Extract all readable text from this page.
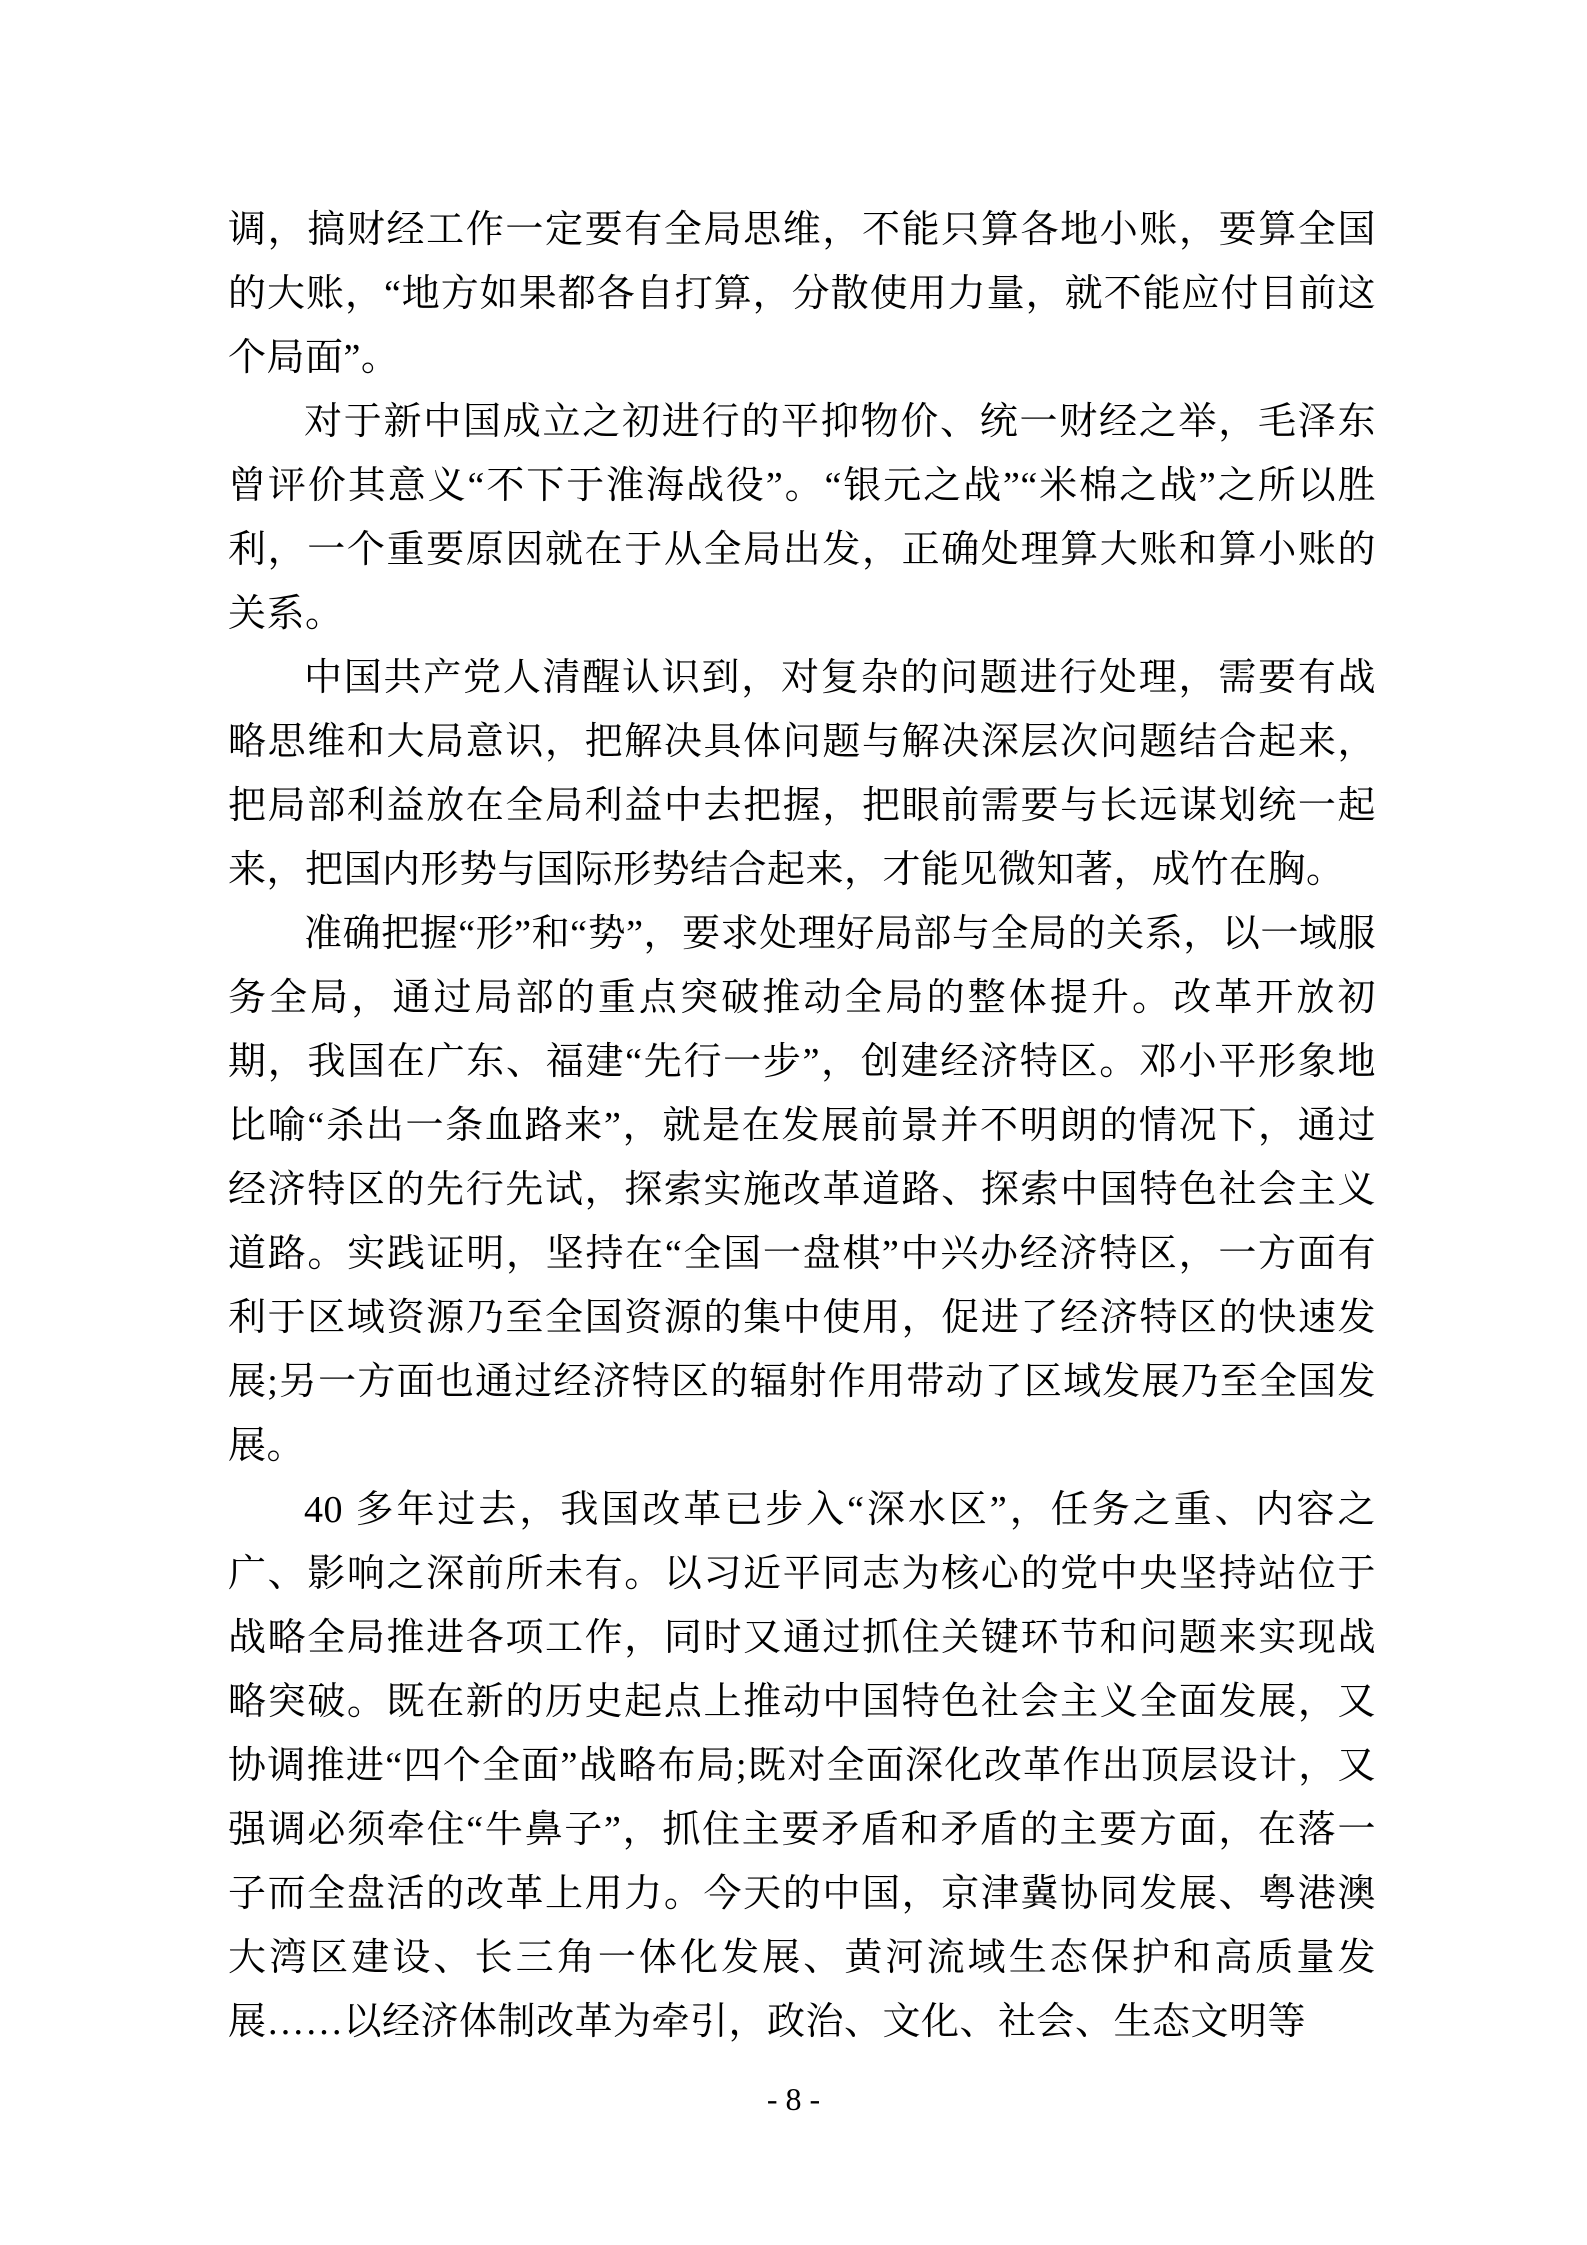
调，搞财经工作一定要有全局思维，不能只算各地小账，要算全国的大账，“地方如果都各自打算，分散使用力量，就不能应付目前这个局面”。

对于新中国成立之初进行的平抑物价、统一财经之举，毛泽东曾评价其意义“不下于淮海战役”。“银元之战”“米棉之战”之所以胜利，一个重要原因就在于从全局出发，正确处理算大账和算小账的关系。

中国共产党人清醒认识到，对复杂的问题进行处理，需要有战略思维和大局意识，把解决具体问题与解决深层次问题结合起来，把局部利益放在全局利益中去把握，把眼前需要与长远谋划统一起来，把国内形势与国际形势结合起来，才能见微知著，成竹在胸。

准确把握“形”和“势”，要求处理好局部与全局的关系，以一域服务全局，通过局部的重点突破推动全局的整体提升。改革开放初期，我国在广东、福建“先行一步”，创建经济特区。邓小平形象地比喻“杀出一条血路来”，就是在发展前景并不明朗的情况下，通过经济特区的先行先试，探索实施改革道路、探索中国特色社会主义道路。实践证明，坚持在“全国一盘棋”中兴办经济特区，一方面有利于区域资源乃至全国资源的集中使用，促进了经济特区的快速发展;另一方面也通过经济特区的辐射作用带动了区域发展乃至全国发展。

40 多年过去，我国改革已步入“深水区”，任务之重、内容之广、影响之深前所未有。以习近平同志为核心的党中央坚持站位于战略全局推进各项工作，同时又通过抓住关键环节和问题来实现战略突破。既在新的历史起点上推动中国特色社会主义全面发展，又协调推进“四个全面”战略布局;既对全面深化改革作出顶层设计，又强调必须牵住“牛鼻子”，抓住主要矛盾和矛盾的主要方面，在落一子而全盘活的改革上用力。今天的中国，京津冀协同发展、粤港澳大湾区建设、长三角一体化发展、黄河流域生态保护和高质量发展……以经济体制改革为牵引，政治、文化、社会、生态文明等

- 8 -
